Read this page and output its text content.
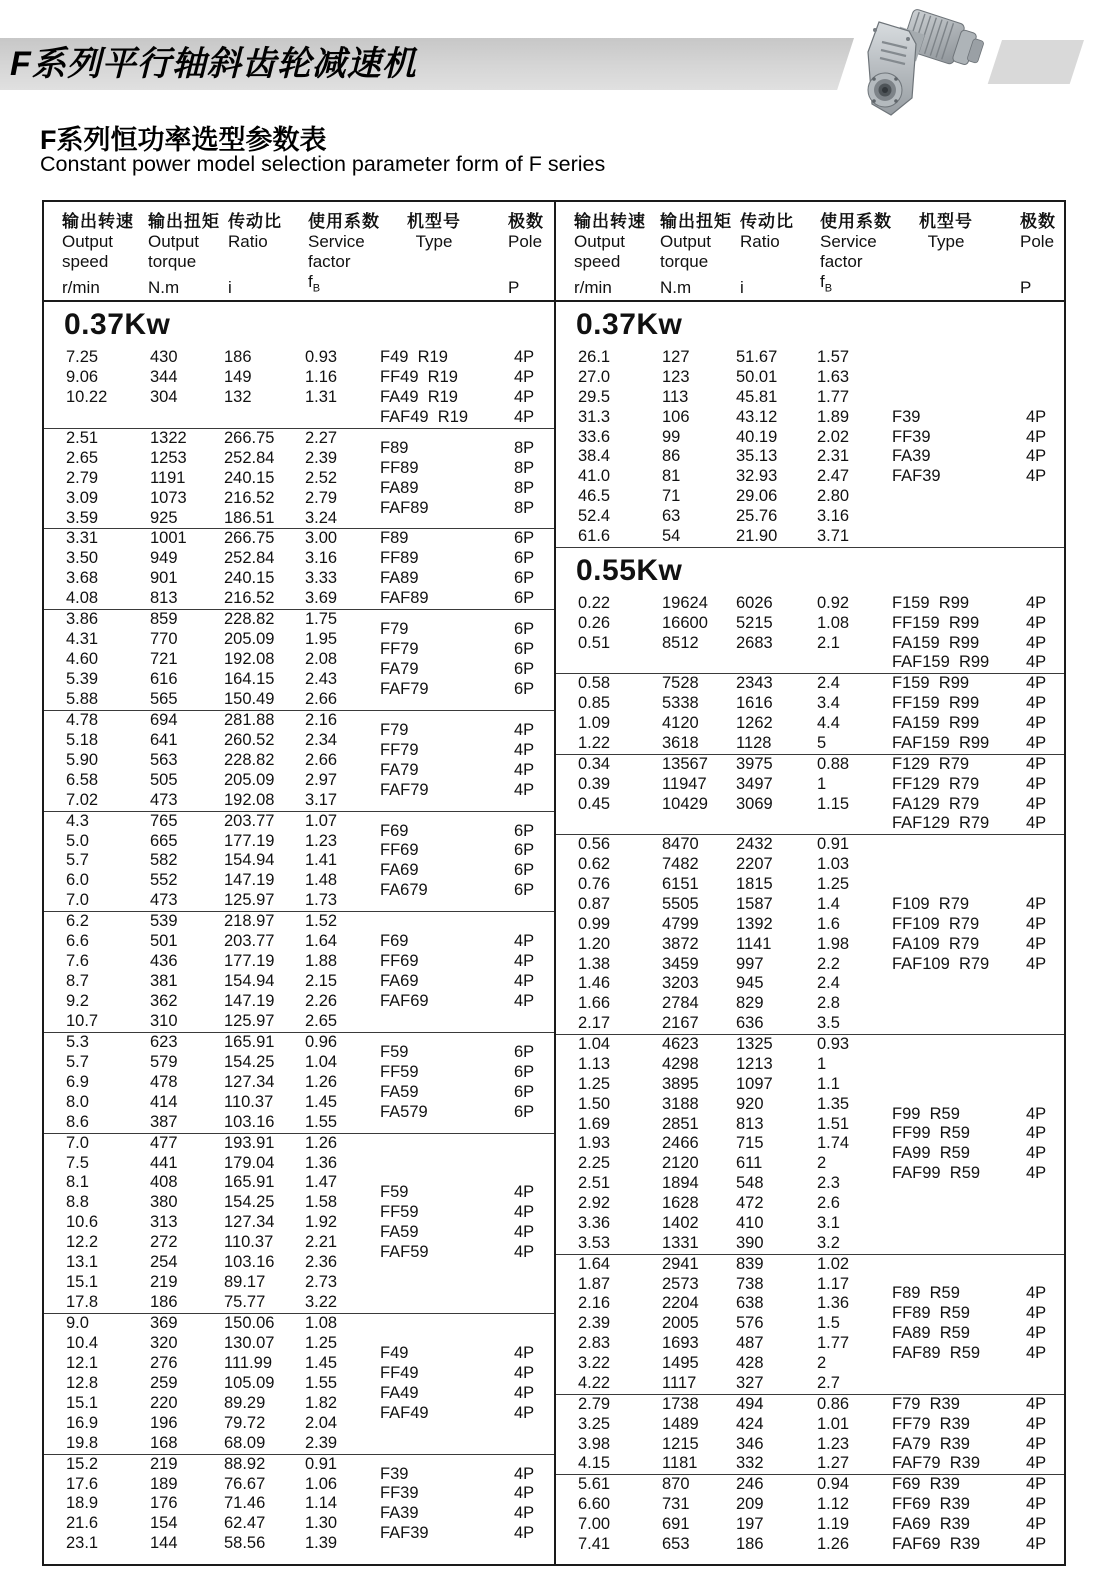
F系列平行轴斜齿轮减速机
F系列恒功率选型参数表
Constant power model selection parameter form of F series
输出转速
Output
speed
r/min
输出扭矩
Output
torque
N.m
传动比
Ratio
i
使用系数
Service
factor
$f_B$
机型号
Type
极数
Pole
P
0.37Kw
7.25
9.06
10.22
430
344
304
186
149
132
0.93
1.16
1.31
F49  R19
FF49  R19
FA49  R19
FAF49  R19
4P
4P
4P
4P
2.51
2.65
2.79
3.09
3.59
1322
1253
1191
1073
925
266.75
252.84
240.15
216.52
186.51
2.27
2.39
2.52
2.79
3.24
F89
FF89
FA89
FAF89
8P
8P
8P
8P
3.31
3.50
3.68
4.08
1001
949
901
813
266.75
252.84
240.15
216.52
3.00
3.16
3.33
3.69
F89
FF89
FA89
FAF89
6P
6P
6P
6P
3.86
4.31
4.60
5.39
5.88
859
770
721
616
565
228.82
205.09
192.08
164.15
150.49
1.75
1.95
2.08
2.43
2.66
F79
FF79
FA79
FAF79
6P
6P
6P
6P
4.78
5.18
5.90
6.58
7.02
694
641
563
505
473
281.88
260.52
228.82
205.09
192.08
2.16
2.34
2.66
2.97
3.17
F79
FF79
FA79
FAF79
4P
4P
4P
4P
4.3
5.0
5.7
6.0
7.0
765
665
582
552
473
203.77
177.19
154.94
147.19
125.97
1.07
1.23
1.41
1.48
1.73
F69
FF69
FA69
FA679
6P
6P
6P
6P
6.2
6.6
7.6
8.7
9.2
10.7
539
501
436
381
362
310
218.97
203.77
177.19
154.94
147.19
125.97
1.52
1.64
1.88
2.15
2.26
2.65
F69
FF69
FA69
FAF69
4P
4P
4P
4P
5.3
5.7
6.9
8.0
8.6
623
579
478
414
387
165.91
154.25
127.34
110.37
103.16
0.96
1.04
1.26
1.45
1.55
F59
FF59
FA59
FA579
6P
6P
6P
6P
7.0
7.5
8.1
8.8
10.6
12.2
13.1
15.1
17.8
477
441
408
380
313
272
254
219
186
193.91
179.04
165.91
154.25
127.34
110.37
103.16
89.17
75.77
1.26
1.36
1.47
1.58
1.92
2.21
2.36
2.73
3.22
F59
FF59
FA59
FAF59
4P
4P
4P
4P
9.0
10.4
12.1
12.8
15.1
16.9
19.8
369
320
276
259
220
196
168
150.06
130.07
111.99
105.09
89.29
79.72
68.09
1.08
1.25
1.45
1.55
1.82
2.04
2.39
F49
FF49
FA49
FAF49
4P
4P
4P
4P
15.2
17.6
18.9
21.6
23.1
219
189
176
154
144
88.92
76.67
71.46
62.47
58.56
0.91
1.06
1.14
1.30
1.39
F39
FF39
FA39
FAF39
4P
4P
4P
4P
输出转速
Output
speed
r/min
输出扭矩
Output
torque
N.m
传动比
Ratio
i
使用系数
Service
factor
$f_B$
机型号
Type
极数
Pole
P
0.37Kw
26.1
27.0
29.5
31.3
33.6
38.4
41.0
46.5
52.4
61.6
127
123
113
106
99
86
81
71
63
54
51.67
50.01
45.81
43.12
40.19
35.13
32.93
29.06
25.76
21.90
1.57
1.63
1.77
1.89
2.02
2.31
2.47
2.80
3.16
3.71
F39
FF39
FA39
FAF39
4P
4P
4P
4P
0.55Kw
0.22
0.26
0.51
19624
16600
8512
6026
5215
2683
0.92
1.08
2.1
F159  R99
FF159  R99
FA159  R99
FAF159  R99
4P
4P
4P
4P
0.58
0.85
1.09
1.22
7528
5338
4120
3618
2343
1616
1262
1128
2.4
3.4
4.4
5
F159  R99
FF159  R99
FA159  R99
FAF159  R99
4P
4P
4P
4P
0.34
0.39
0.45
13567
11947
10429
3975
3497
3069
0.88
1
1.15
F129  R79
FF129  R79
FA129  R79
FAF129  R79
4P
4P
4P
4P
0.56
0.62
0.76
0.87
0.99
1.20
1.38
1.46
1.66
2.17
8470
7482
6151
5505
4799
3872
3459
3203
2784
2167
2432
2207
1815
1587
1392
1141
997
945
829
636
0.91
1.03
1.25
1.4
1.6
1.98
2.2
2.4
2.8
3.5
F109  R79
FF109  R79
FA109  R79
FAF109  R79
4P
4P
4P
4P
1.04
1.13
1.25
1.50
1.69
1.93
2.25
2.51
2.92
3.36
3.53
4623
4298
3895
3188
2851
2466
2120
1894
1628
1402
1331
1325
1213
1097
920
813
715
611
548
472
410
390
0.93
1
1.1
1.35
1.51
1.74
2
2.3
2.6
3.1
3.2
F99  R59
FF99  R59
FA99  R59
FAF99  R59
4P
4P
4P
4P
1.64
1.87
2.16
2.39
2.83
3.22
4.22
2941
2573
2204
2005
1693
1495
1117
839
738
638
576
487
428
327
1.02
1.17
1.36
1.5
1.77
2
2.7
F89  R59
FF89  R59
FA89  R59
FAF89  R59
4P
4P
4P
4P
2.79
3.25
3.98
4.15
1738
1489
1215
1181
494
424
346
332
0.86
1.01
1.23
1.27
F79  R39
FF79  R39
FA79  R39
FAF79  R39
4P
4P
4P
4P
5.61
6.60
7.00
7.41
870
731
691
653
246
209
197
186
0.94
1.12
1.19
1.26
F69  R39
FF69  R39
FA69  R39
FAF69  R39
4P
4P
4P
4P
